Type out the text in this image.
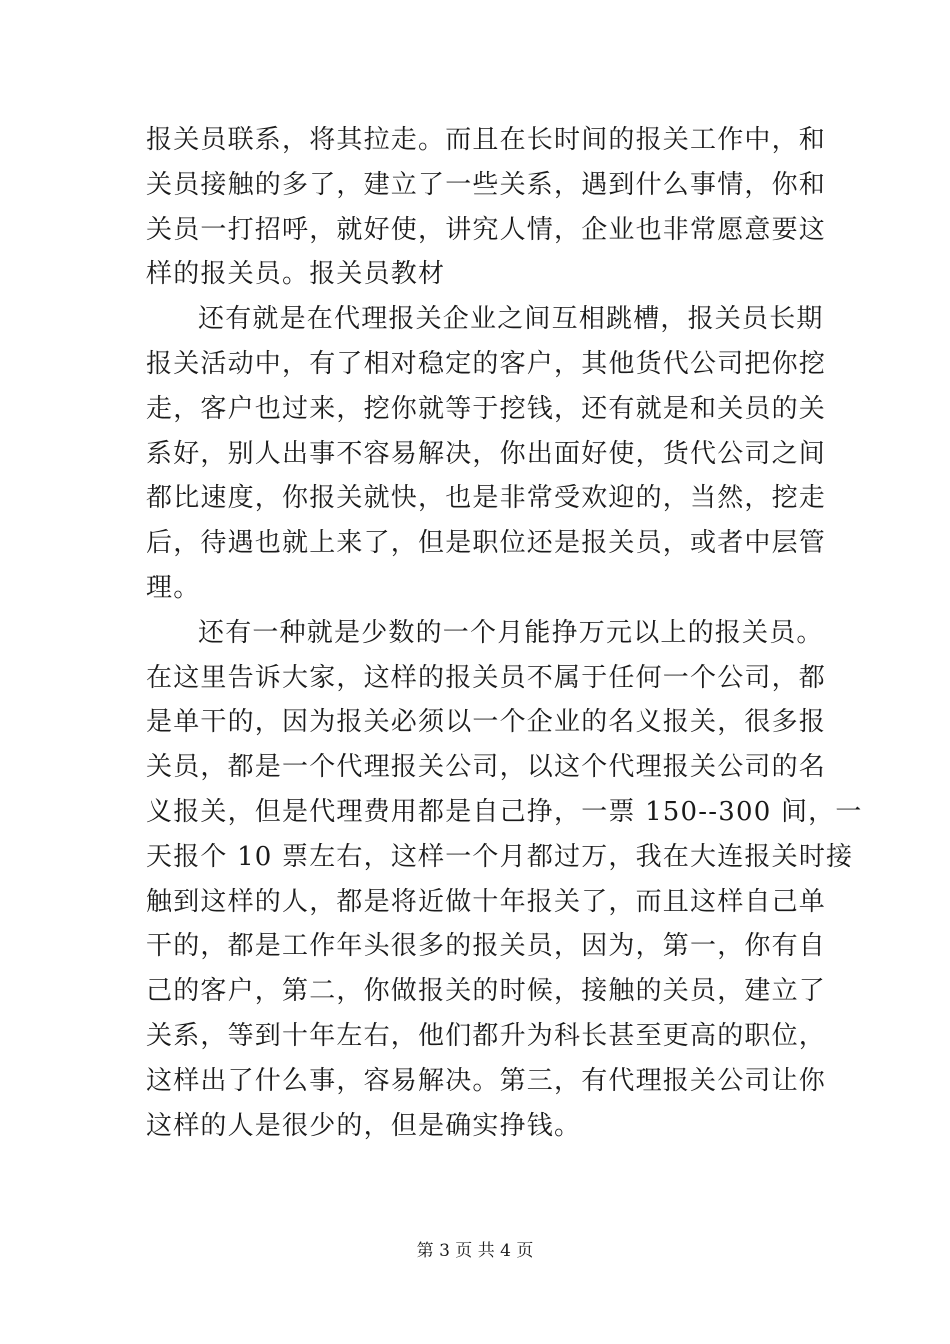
报关员联系，将其拉走。而且在长时间的报关工作中，和
关员接触的多了，建立了一些关系，遇到什么事情，你和
关员一打招呼，就好使，讲究人情，企业也非常愿意要这
样的报关员。报关员教材
还有就是在代理报关企业之间互相跳槽，报关员长期
报关活动中，有了相对稳定的客户，其他货代公司把你挖
走，客户也过来，挖你就等于挖钱，还有就是和关员的关
系好，别人出事不容易解决，你出面好使，货代公司之间
都比速度，你报关就快，也是非常受欢迎的，当然，挖走
后，待遇也就上来了，但是职位还是报关员，或者中层管
理。
还有一种就是少数的一个月能挣万元以上的报关员。
在这里告诉大家，这样的报关员不属于任何一个公司，都
是单干的，因为报关必须以一个企业的名义报关，很多报
关员，都是一个代理报关公司，以这个代理报关公司的名
义报关，但是代理费用都是自己挣，一票 150--300 间，一
天报个 10 票左右，这样一个月都过万，我在大连报关时接
触到这样的人，都是将近做十年报关了，而且这样自己单
干的，都是工作年头很多的报关员，因为，第一，你有自
己的客户，第二，你做报关的时候，接触的关员，建立了
关系，等到十年左右，他们都升为科长甚至更高的职位，
这样出了什么事，容易解决。第三，有代理报关公司让你
这样的人是很少的，但是确实挣钱。
第 3 页 共 4 页
